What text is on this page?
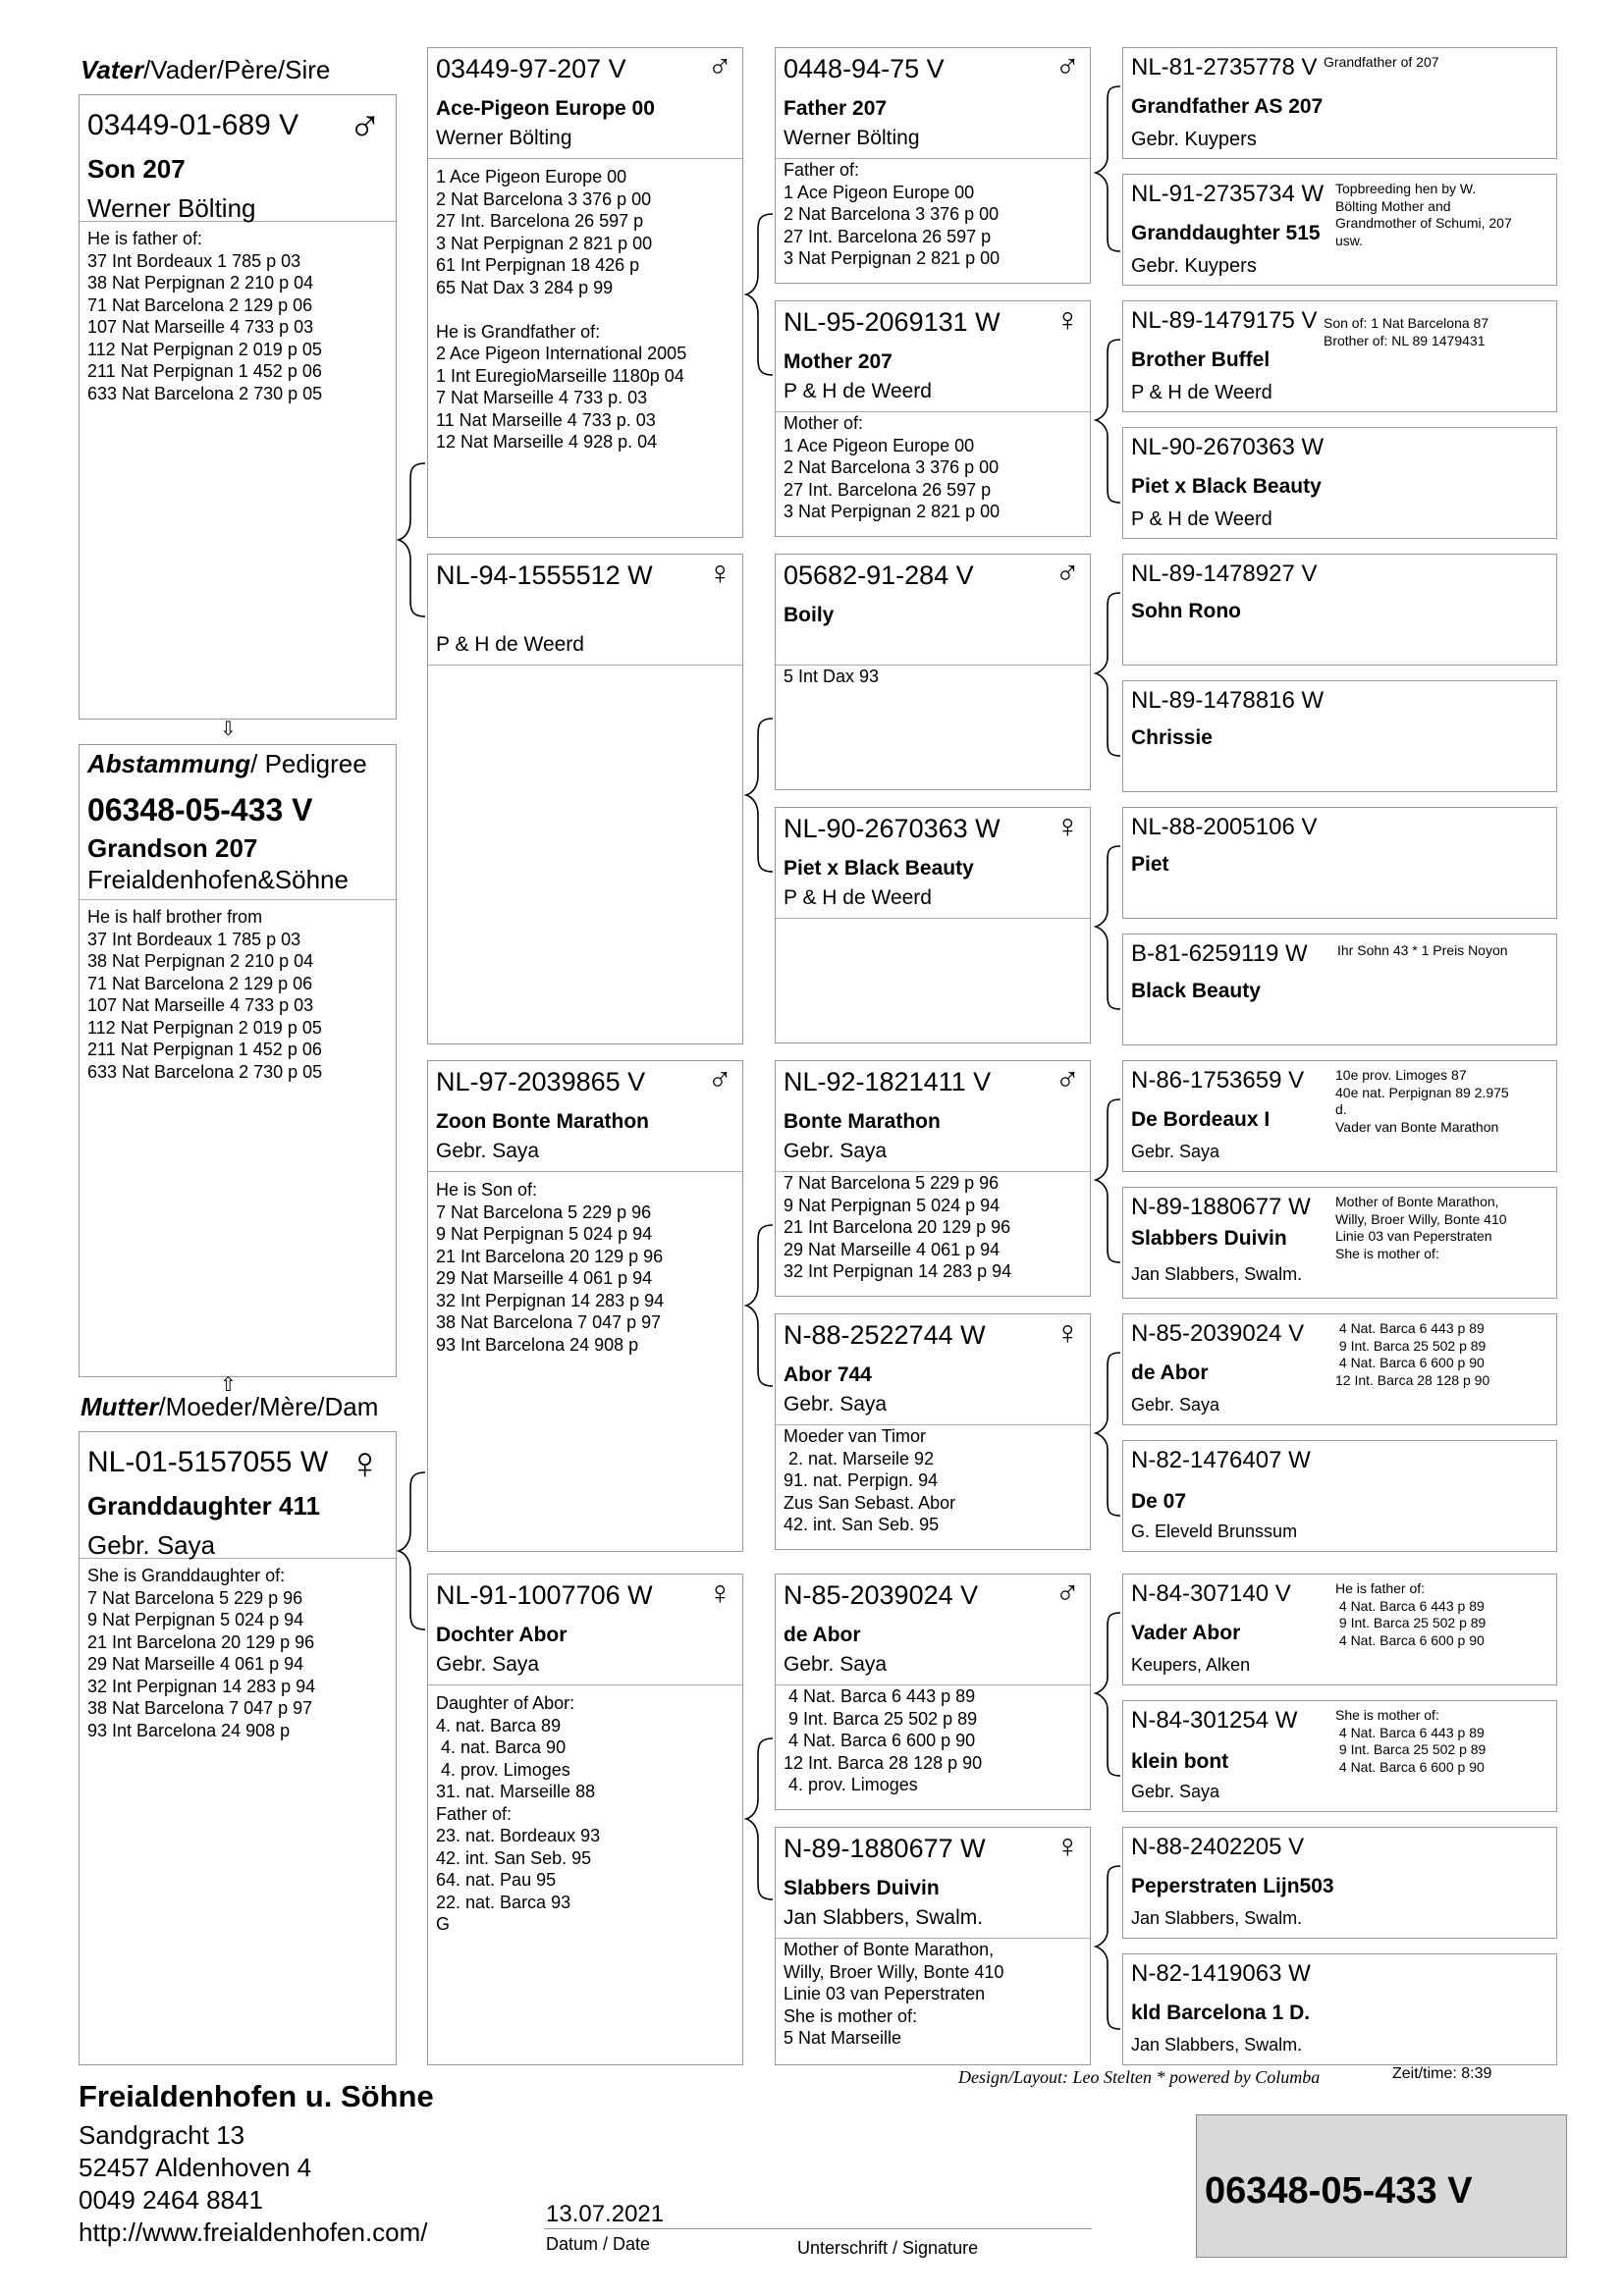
Vater/Vader/Père/Sire
03449-01-689 V
Son 207
Werner Bölting
♂
He is father of:
37 Int Bordeaux 1 785 p 03
38 Nat Perpignan 2 210 p 04
71 Nat Barcelona 2 129 p 06
107 Nat Marseille 4 733 p 03
112 Nat Perpignan 2 019 p 05
211 Nat Perpignan 1 452 p 06
633 Nat Barcelona 2 730 p 05
⇩
Abstammung/ Pedigree
06348-05-433 V
Grandson 207
Freialdenhofen&Söhne
He is half brother from
37 Int Bordeaux 1 785 p 03
38 Nat Perpignan 2 210 p 04
71 Nat Barcelona 2 129 p 06
107 Nat Marseille 4 733 p 03
112 Nat Perpignan 2 019 p 05
211 Nat Perpignan 1 452 p 06
633 Nat Barcelona 2 730 p 05
⇧
Mutter/Moeder/Mère/Dam
NL-01-5157055 W
Granddaughter 411
Gebr. Saya
♀
She is Granddaughter of:
7 Nat Barcelona 5 229 p 96
9 Nat Perpignan 5 024 p 94
21 Int Barcelona 20 129 p 96
29 Nat Marseille 4 061 p 94
32 Int Perpignan 14 283 p 94
38 Nat Barcelona 7 047 p 97
93 Int Barcelona 24 908 p
03449-97-207 V
Ace-Pigeon Europe 00
Werner Bölting
♂
1 Ace Pigeon Europe 00
2 Nat Barcelona 3 376 p 00
27 Int. Barcelona 26 597 p
3 Nat Perpignan 2 821 p 00
61 Int Perpignan 18 426 p
65 Nat Dax 3 284 p 99

He is Grandfather of:
2 Ace Pigeon International 2005
1 Int EuregioMarseille 1180p 04
7 Nat Marseille 4 733 p. 03
11 Nat Marseille 4 733 p. 03
12 Nat Marseille 4 928 p. 04
NL-94-1555512 W
P & H de Weerd
♀
NL-97-2039865 V
Zoon Bonte Marathon
Gebr. Saya
♂
He is Son of:
7 Nat Barcelona 5 229 p 96
9 Nat Perpignan 5 024 p 94
21 Int Barcelona 20 129 p 96
29 Nat Marseille 4 061 p 94
32 Int Perpignan 14 283 p 94
38 Nat Barcelona 7 047 p 97
93 Int Barcelona 24 908 p
NL-91-1007706 W
Dochter Abor
Gebr. Saya
♀
Daughter of Abor:
4. nat. Barca 89
4. nat. Barca 90
4. prov. Limoges
31. nat. Marseille 88
Father of:
23. nat. Bordeaux 93
42. int. San Seb. 95
64. nat. Pau 95
22. nat. Barca 93
G
0448-94-75 V
Father 207
Werner Bölting
♂
Father of:
1 Ace Pigeon Europe 00
2 Nat Barcelona 3 376 p 00
27 Int. Barcelona 26 597 p
3 Nat Perpignan 2 821 p 00
NL-95-2069131 W
Mother 207
P & H de Weerd
♀
Mother of:
1 Ace Pigeon Europe 00
2 Nat Barcelona 3 376 p 00
27 Int. Barcelona 26 597 p
3 Nat Perpignan 2 821 p 00
05682-91-284 V
Boily
♂
5 Int Dax 93
NL-90-2670363 W
Piet x Black Beauty
P & H de Weerd
♀
NL-92-1821411 V
Bonte Marathon
Gebr. Saya
♂
7 Nat Barcelona 5 229 p 96
9 Nat Perpignan 5 024 p 94
21 Int Barcelona 20 129 p 96
29 Nat Marseille 4 061 p 94
32 Int Perpignan 14 283 p 94
N-88-2522744 W
Abor 744
Gebr. Saya
♀
Moeder van Timor
2. nat. Marseile 92
91. nat. Perpign. 94
Zus San Sebast. Abor
42. int. San Seb. 95
N-85-2039024 V
de Abor
Gebr. Saya
♂
4 Nat. Barca 6 443 p 89
9 Int. Barca 25 502 p 89
4 Nat. Barca 6 600 p 90
12 Int. Barca 28 128 p 90
4. prov. Limoges
N-89-1880677 W
Slabbers Duivin
Jan Slabbers, Swalm.
♀
Mother of Bonte Marathon,
Willy, Broer Willy, Bonte 410
Linie 03 van Peperstraten
She is mother of:
5 Nat Marseille
NL-81-2735778 V
Grandfather AS 207
Gebr. Kuypers
Grandfather of 207
NL-91-2735734 W
Granddaughter 515
Gebr. Kuypers
Topbreeding hen by W.
Bölting Mother and
Grandmother of Schumi, 207
usw.
NL-89-1479175 V
Brother Buffel
P & H de Weerd
Son of: 1 Nat Barcelona 87
Brother of: NL 89 1479431
NL-90-2670363 W
Piet x Black Beauty
P & H de Weerd
NL-89-1478927 V
Sohn Rono
NL-89-1478816 W
Chrissie
NL-88-2005106 V
Piet
B-81-6259119 W
Black Beauty
Ihr Sohn 43 * 1 Preis Noyon
N-86-1753659 V
De Bordeaux I
Gebr. Saya
10e prov. Limoges 87
40e nat. Perpignan 89 2.975
d.
Vader van Bonte Marathon
N-89-1880677 W
Slabbers Duivin
Jan Slabbers, Swalm.
Mother of Bonte Marathon,
Willy, Broer Willy, Bonte 410
Linie 03 van Peperstraten
She is mother of:
N-85-2039024 V
de Abor
Gebr. Saya
4 Nat. Barca 6 443 p 89
9 Int. Barca 25 502 p 89
4 Nat. Barca 6 600 p 90
12 Int. Barca 28 128 p 90
N-82-1476407 W
De 07
G. Eleveld Brunssum
N-84-307140 V
Vader Abor
Keupers, Alken
He is father of:
4 Nat. Barca 6 443 p 89
9 Int. Barca 25 502 p 89
4 Nat. Barca 6 600 p 90
N-84-301254 W
klein bont
Gebr. Saya
She is mother of:
4 Nat. Barca 6 443 p 89
9 Int. Barca 25 502 p 89
4 Nat. Barca 6 600 p 90
N-88-2402205 V
Peperstraten Lijn503
Jan Slabbers, Swalm.
N-82-1419063 W
kld Barcelona 1 D.
Jan Slabbers, Swalm.
Freialdenhofen u. Söhne
Sandgracht 13
52457 Aldenhoven 4
0049 2464 8841
http://www.freialdenhofen.com/
Design/Layout: Leo Stelten * powered by Columba	Zeit/time: 8:39
13.07.2021
Datum / Date	Unterschrift / Signature
06348-05-433 V
